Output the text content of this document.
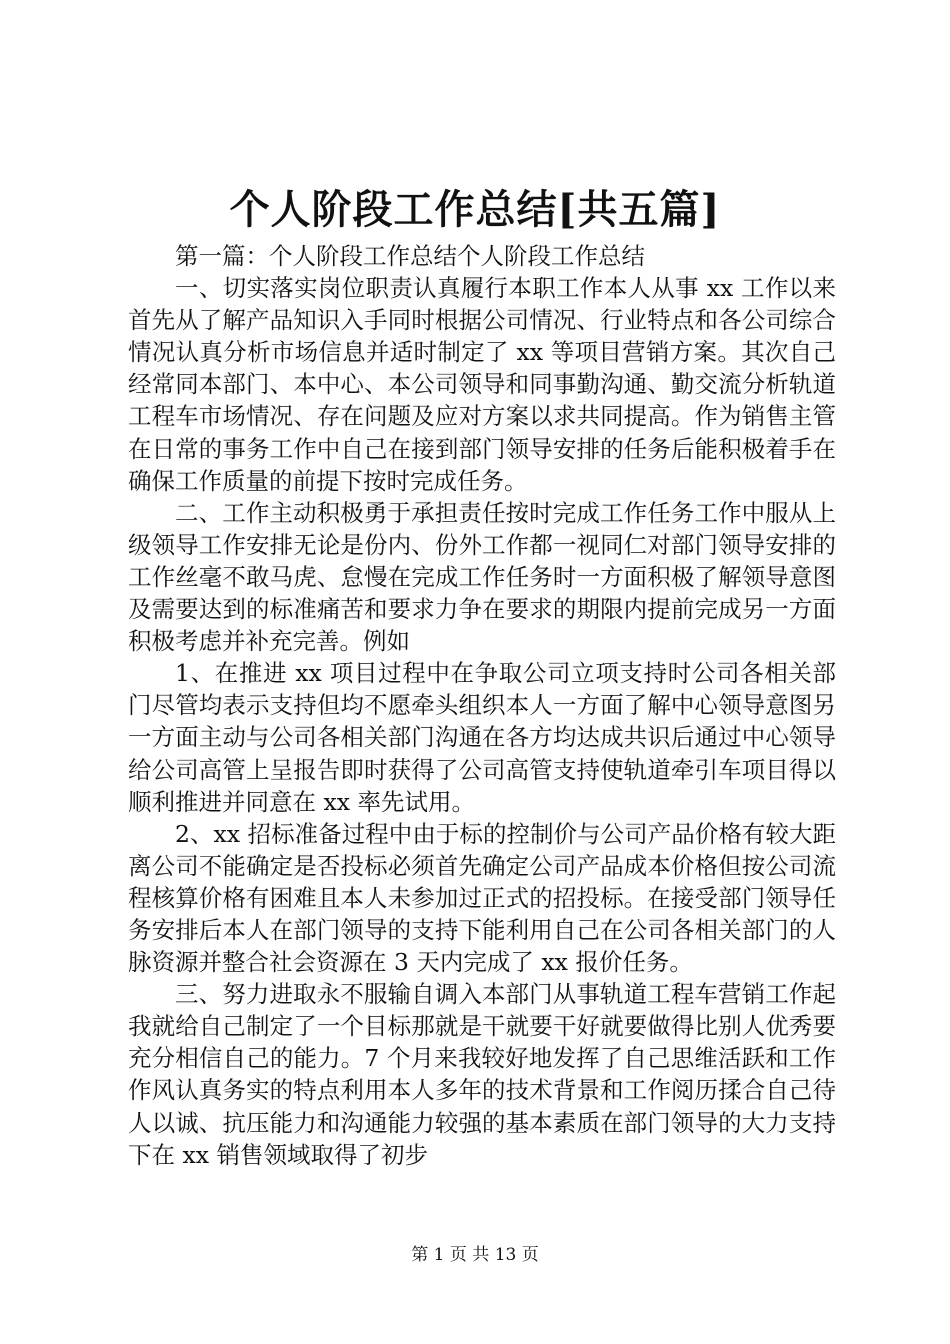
个人阶段工作总结[共五篇]

第一篇：个人阶段工作总结个人阶段工作总结

一、切实落实岗位职责认真履行本职工作本人从事 xx 工作以来首先从了解产品知识入手同时根据公司情况、行业特点和各公司综合情况认真分析市场信息并适时制定了 xx 等项目营销方案。其次自己经常同本部门、本中心、本公司领导和同事勤沟通、勤交流分析轨道工程车市场情况、存在问题及应对方案以求共同提高。作为销售主管在日常的事务工作中自己在接到部门领导安排的任务后能积极着手在确保工作质量的前提下按时完成任务。

二、工作主动积极勇于承担责任按时完成工作任务工作中服从上级领导工作安排无论是份内、份外工作都一视同仁对部门领导安排的工作丝毫不敢马虎、怠慢在完成工作任务时一方面积极了解领导意图及需要达到的标准痛苦和要求力争在要求的期限内提前完成另一方面积极考虑并补充完善。例如

1、在推进 xx 项目过程中在争取公司立项支持时公司各相关部门尽管均表示支持但均不愿牵头组织本人一方面了解中心领导意图另一方面主动与公司各相关部门沟通在各方均达成共识后通过中心领导给公司高管上呈报告即时获得了公司高管支持使轨道牵引车项目得以顺利推进并同意在 xx 率先试用。

2、xx 招标准备过程中由于标的控制价与公司产品价格有较大距离公司不能确定是否投标必须首先确定公司产品成本价格但按公司流程核算价格有困难且本人未参加过正式的招投标。在接受部门领导任务安排后本人在部门领导的支持下能利用自己在公司各相关部门的人脉资源并整合社会资源在 3 天内完成了 xx 报价任务。

三、努力进取永不服输自调入本部门从事轨道工程车营销工作起我就给自己制定了一个目标那就是干就要干好就要做得比别人优秀要充分相信自己的能力。7 个月来我较好地发挥了自己思维活跃和工作作风认真务实的特点利用本人多年的技术背景和工作阅历揉合自己待人以诚、抗压能力和沟通能力较强的基本素质在部门领导的大力支持下在 xx 销售领域取得了初步

第 1 页 共 13 页
